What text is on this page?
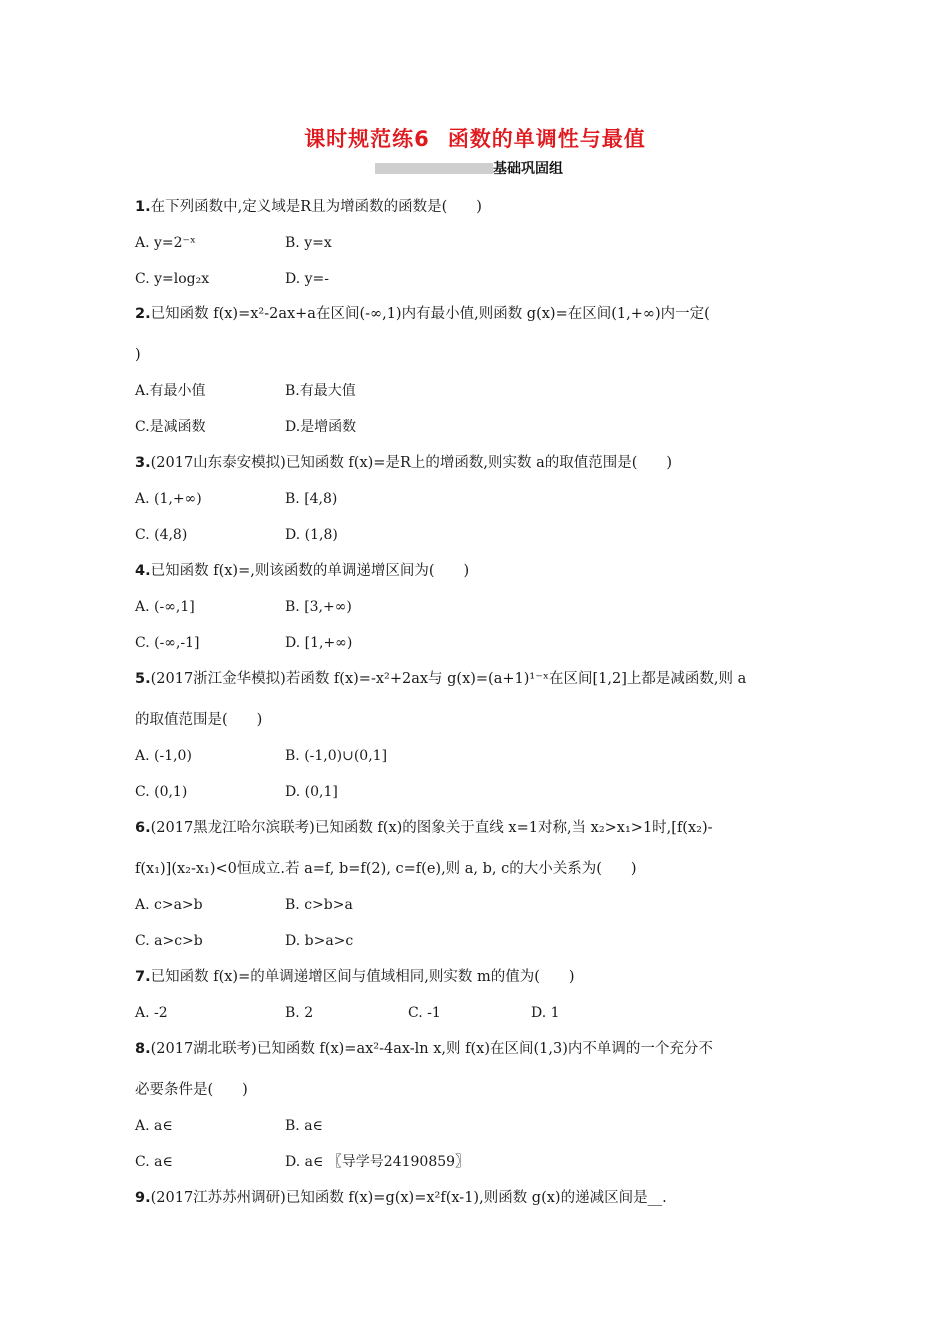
课时规范练6 函数的单调性与最值
基础巩固组
1.在下列函数中,定义域是R且为增函数的函数是(　　)
A. y=2⁻ˣ	B. y=x
C. y=log₂x	D. y=-
2.已知函数 f(x)=x²-2ax+a在区间(-∞,1)内有最小值,则函数 g(x)=在区间(1,+∞)内一定(
)
A.有最小值	B.有最大值
C.是减函数	D.是增函数
3.(2017山东泰安模拟)已知函数 f(x)=是R上的增函数,则实数 a的取值范围是(　　)
A. (1,+∞)	B. [4,8)
C. (4,8)	D. (1,8)
4.已知函数 f(x)=,则该函数的单调递增区间为(　　)
A. (-∞,1]	B. [3,+∞)
C. (-∞,-1]	D. [1,+∞)
5.(2017浙江金华模拟)若函数 f(x)=-x²+2ax与 g(x)=(a+1)¹⁻ˣ在区间[1,2]上都是减函数,则 a
的取值范围是(　　)
A. (-1,0)	B. (-1,0)∪(0,1]
C. (0,1)	D. (0,1]
6.(2017黑龙江哈尔滨联考)已知函数 f(x)的图象关于直线 x=1对称,当 x₂>x₁>1时,[f(x₂)-
f(x₁)](x₂-x₁)<0恒成立.若 a=f, b=f(2), c=f(e),则 a, b, c的大小关系为(　　)
A. c>a>b	B. c>b>a
C. a>c>b	D. b>a>c
7.已知函数 f(x)=的单调递增区间与值域相同,则实数 m的值为(　　)
A. -2	B. 2	C. -1	D. 1
8.(2017湖北联考)已知函数 f(x)=ax²-4ax-ln x,则 f(x)在区间(1,3)内不单调的一个充分不
必要条件是(　　)
A. a∈	B. a∈
C. a∈	D. a∈ 〖导学号24190859〗
9.(2017江苏苏州调研)已知函数 f(x)=g(x)=x²f(x-1),则函数 g(x)的递减区间是__.
